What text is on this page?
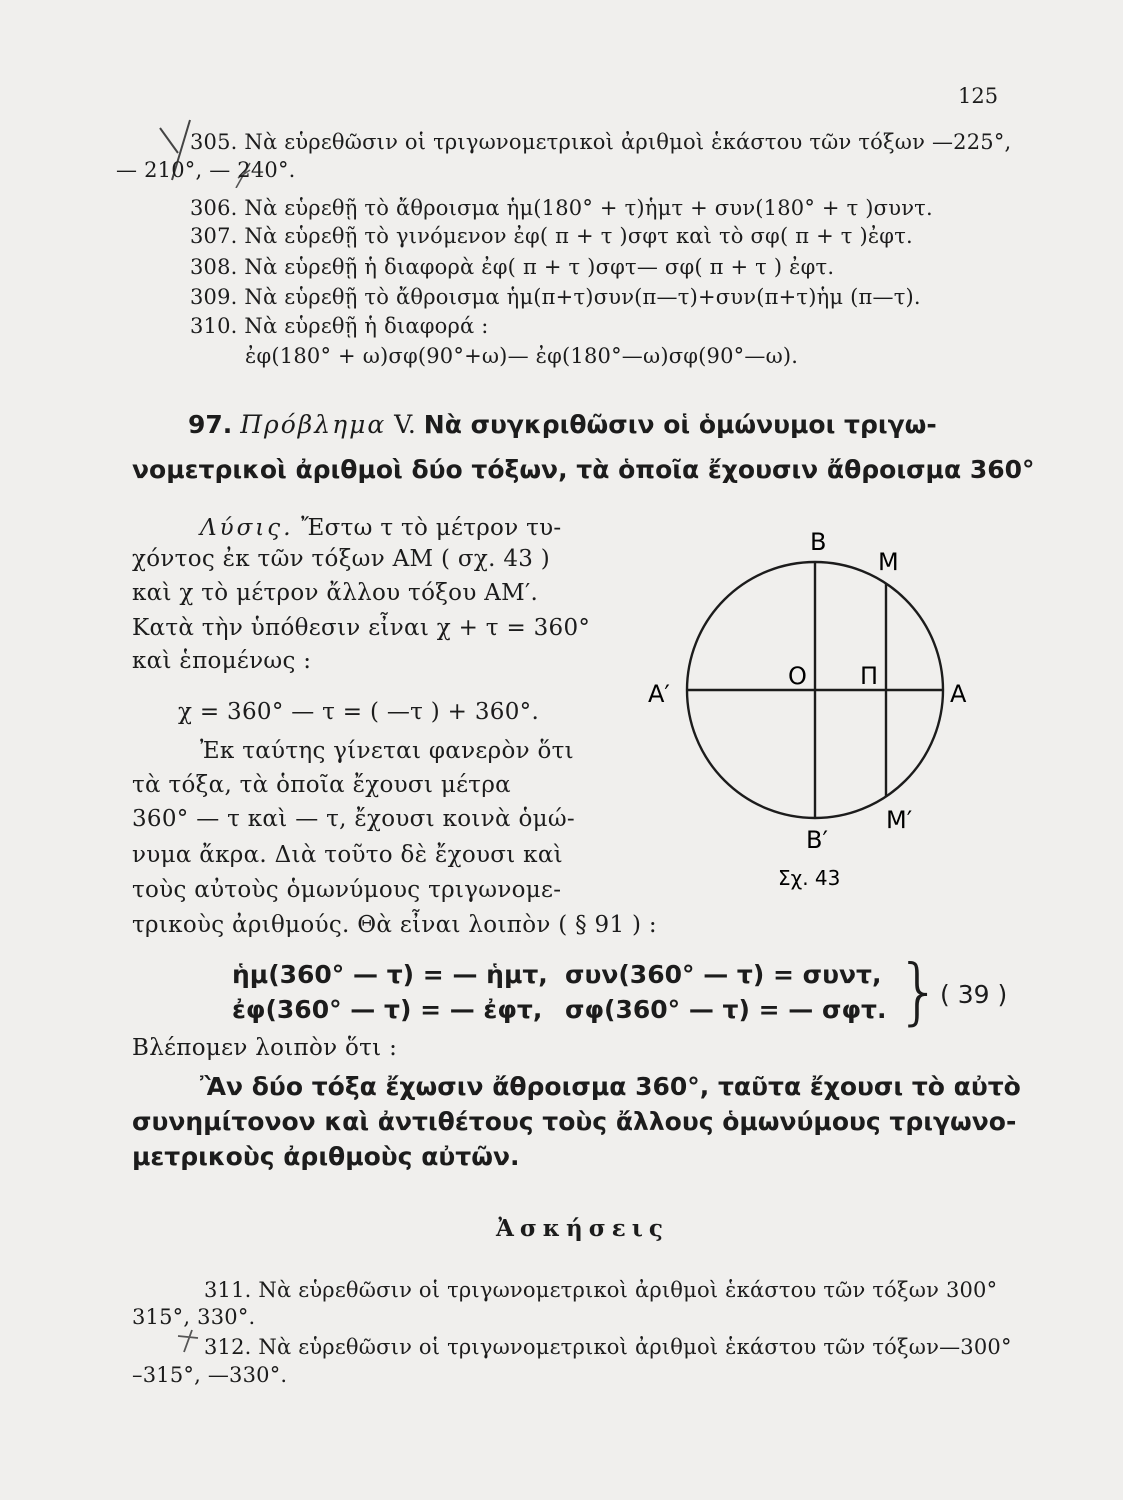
125
305. Νὰ εὑρεθῶσιν οἱ τριγωνομετρικοὶ ἀριθμοὶ ἑκάστου τῶν τόξων —225°,
— 210°, — 240°.
306. Νὰ εὑρεθῇ τὸ ἄθροισμα ἡμ(180° + τ)ἡμτ + συν(180° + τ )συντ.
307. Νὰ εὑρεθῇ τὸ γινόμενον ἐφ( π + τ )σφτ καὶ τὸ σφ( π + τ )ἐφτ.
308. Νὰ εὑρεθῇ ἡ διαφορὰ ἐφ( π + τ )σφτ— σφ( π + τ ) ἐφτ.
309. Νὰ εὑρεθῇ τὸ ἄθροισμα ἡμ(π+τ)συν(π—τ)+συν(π+τ)ἡμ (π—τ).
310. Νὰ εὑρεθῇ ἡ διαφορά :
ἐφ(180° + ω)σφ(90°+ω)— ἐφ(180°—ω)σφ(90°—ω).
97. Πρόβλημα V. Νὰ συγκριθῶσιν οἱ ὁμώνυμοι τριγω-
νομετρικοὶ ἀριθμοὶ δύο τόξων, τὰ ὁποῖα ἔχουσιν ἄθροισμα 360°
Λύσις. Ἔστω τ τὸ μέτρον τυ-
χόντος ἐκ τῶν τόξων ΑΜ ( σχ. 43 )
καὶ χ τὸ μέτρον ἄλλου τόξου ΑΜ′.
Κατὰ τὴν ὑπόθεσιν εἶναι χ + τ = 360°
καὶ ἑπομένως :
χ = 360° — τ = ( —τ ) + 360°.
Ἐκ ταύτης γίνεται φανερὸν ὅτι
τὰ τόξα, τὰ ὁποῖα ἔχουσι μέτρα
360° — τ καὶ — τ, ἔχουσι κοινὰ ὁμώ-
νυμα ἄκρα. Διὰ τοῦτο δὲ ἔχουσι καὶ
τοὺς αὐτοὺς ὁμωνύμους τριγωνομε-
τρικοὺς ἀριθμούς. Θὰ εἶναι λοιπὸν ( § 91 ) :
Β
Μ
Α′
Ο Π
Α
Β′
Μ′
Σχ. 43
ἡμ(360° — τ) = — ἡμτ, συν(360° — τ) = συντ,
ἐφ(360° — τ) = — ἐφτ, σφ(360° — τ) = — σφτ. }
( 39 )
Βλέπομεν λοιπὸν ὅτι :
Ἂν δύο τόξα ἔχωσιν ἄθροισμα 360°, ταῦτα ἔχουσι τὸ αὐτὸ
συνημίτονον καὶ ἀντιθέτους τοὺς ἄλλους ὁμωνύμους τριγωνο-
μετρικοὺς ἀριθμοὺς αὐτῶν.
Ἀσκήσεις
311. Νὰ εὑρεθῶσιν οἱ τριγωνομετρικοὶ ἀριθμοὶ ἑκάστου τῶν τόξων 300°
315°, 330°.
312. Νὰ εὑρεθῶσιν οἱ τριγωνομετρικοὶ ἀριθμοὶ ἑκάστου τῶν τόξων—300°
–315°, —330°.
